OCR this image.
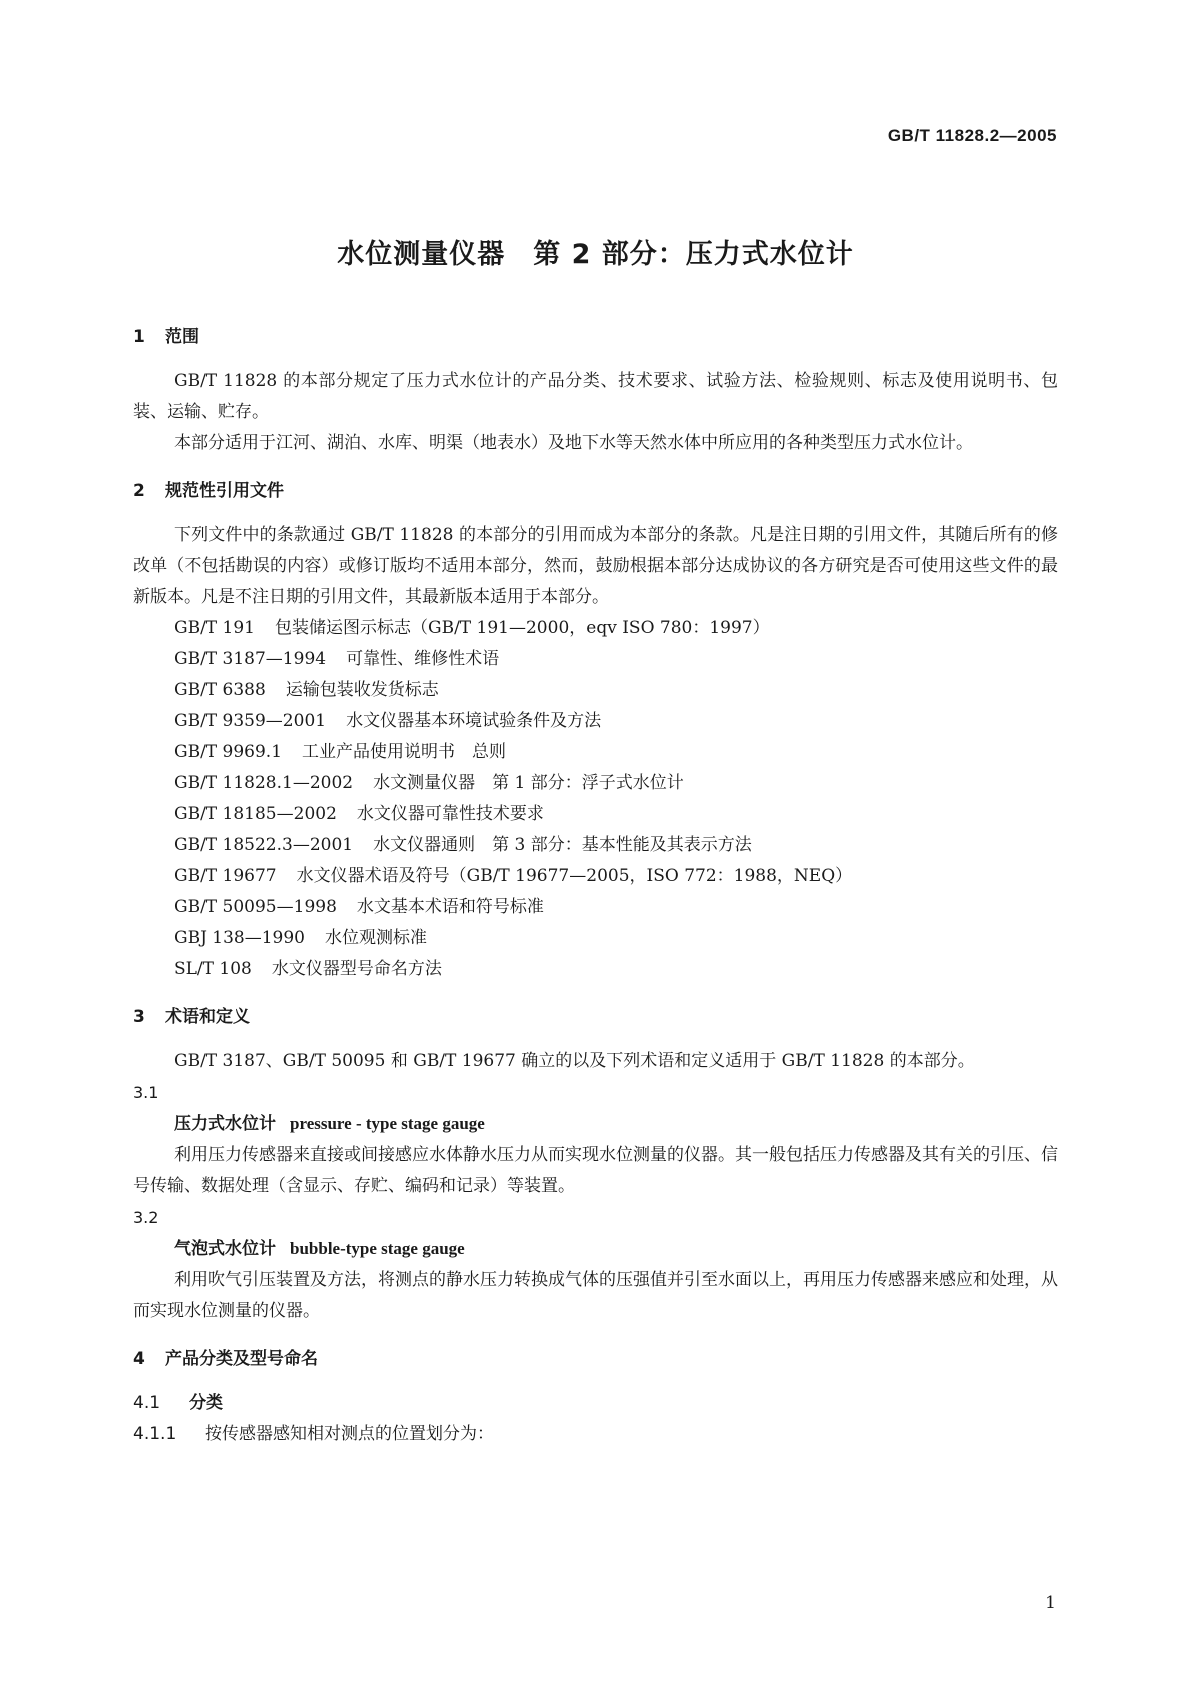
GB/T 11828.2—2005
水位测量仪器　第 2 部分：压力式水位计

1 范围

GB/T 11828 的本部分规定了压力式水位计的产品分类、技术要求、试验方法、检验规则、标志及使用说明书、包装、运输、贮存。

本部分适用于江河、湖泊、水库、明渠（地表水）及地下水等天然水体中所应用的各种类型压力式水位计。

2 规范性引用文件

下列文件中的条款通过 GB/T 11828 的本部分的引用而成为本部分的条款。凡是注日期的引用文件，其随后所有的修改单（不包括勘误的内容）或修订版均不适用本部分，然而，鼓励根据本部分达成协议的各方研究是否可使用这些文件的最新版本。凡是不注日期的引用文件，其最新版本适用于本部分。

GB/T 191 包装储运图示标志（GB/T 191—2000，eqv ISO 780：1997）

GB/T 3187—1994 可靠性、维修性术语

GB/T 6388 运输包装收发货标志

GB/T 9359—2001 水文仪器基本环境试验条件及方法

GB/T 9969.1 工业产品使用说明书　总则

GB/T 11828.1—2002 水文测量仪器　第 1 部分：浮子式水位计

GB/T 18185—2002 水文仪器可靠性技术要求

GB/T 18522.3—2001 水文仪器通则　第 3 部分：基本性能及其表示方法

GB/T 19677 水文仪器术语及符号（GB/T 19677—2005，ISO 772：1988，NEQ）

GB/T 50095—1998 水文基本术语和符号标准

GBJ 138—1990 水位观测标准

SL/T 108 水文仪器型号命名方法

3 术语和定义

GB/T 3187、GB/T 50095 和 GB/T 19677 确立的以及下列术语和定义适用于 GB/T 11828 的本部分。

3.1

压力式水位计 pressure - type stage gauge

利用压力传感器来直接或间接感应水体静水压力从而实现水位测量的仪器。其一般包括压力传感器及其有关的引压、信号传输、数据处理（含显示、存贮、编码和记录）等装置。

3.2

气泡式水位计 bubble-type stage gauge

利用吹气引压装置及方法，将测点的静水压力转换成气体的压强值并引至水面以上，再用压力传感器来感应和处理，从而实现水位测量的仪器。

4 产品分类及型号命名

4.1 分类

4.1.1 按传感器感知相对测点的位置划分为：

1
